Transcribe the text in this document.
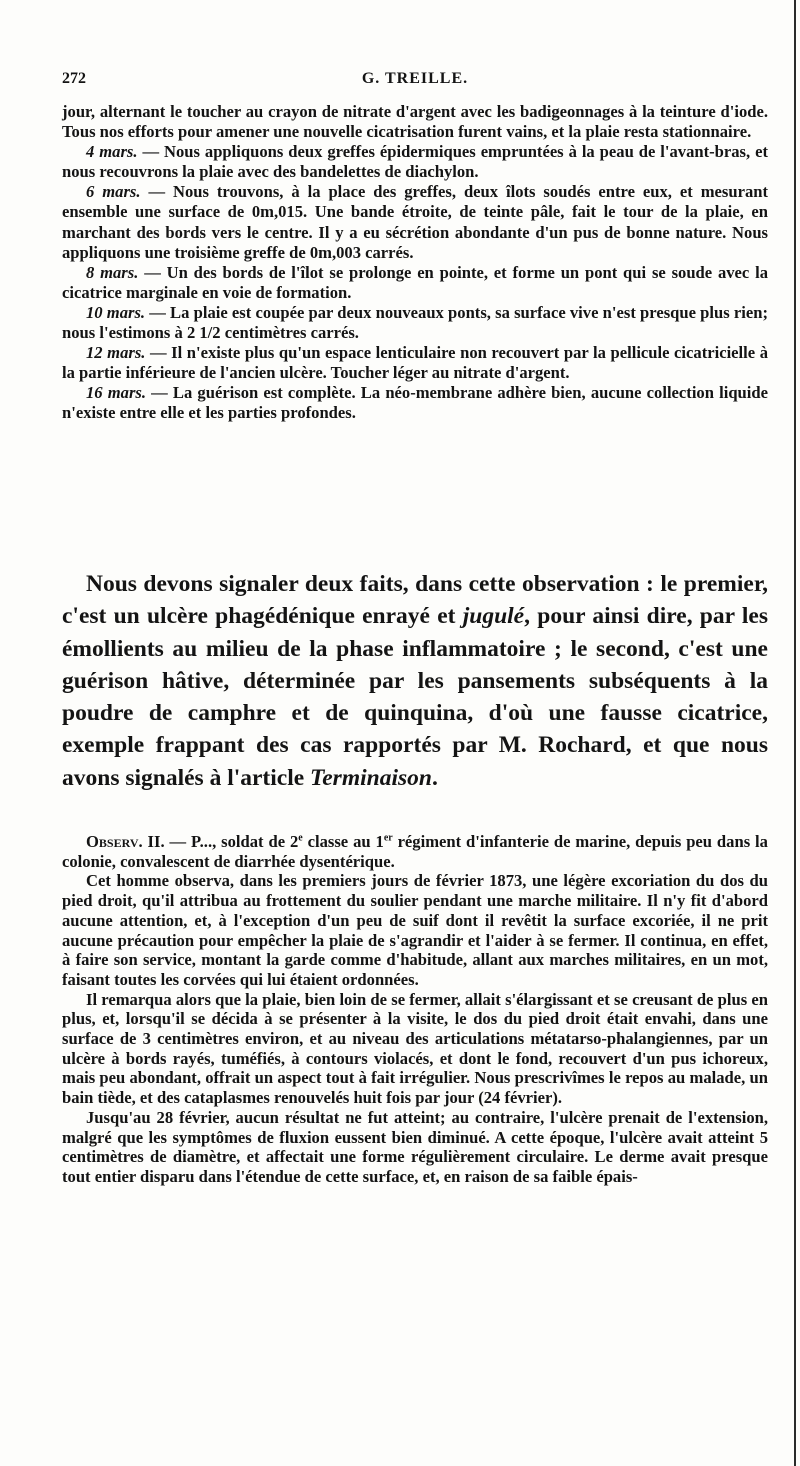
272	G. TREILLE.

jour, alternant le toucher au crayon de nitrate d'argent avec les badigeonnages à la teinture d'iode. Tous nos efforts pour amener une nouvelle cicatrisation furent vains, et la plaie resta stationnaire.

4 mars. — Nous appliquons deux greffes épidermiques empruntées à la peau de l'avant-bras, et nous recouvrons la plaie avec des bandelettes de diachylon.

6 mars. — Nous trouvons, à la place des greffes, deux îlots soudés entre eux, et mesurant ensemble une surface de 0m,015. Une bande étroite, de teinte pâle, fait le tour de la plaie, en marchant des bords vers le centre. Il y a eu sécrétion abondante d'un pus de bonne nature. Nous appliquons une troisième greffe de 0m,003 carrés.

8 mars. — Un des bords de l'îlot se prolonge en pointe, et forme un pont qui se soude avec la cicatrice marginale en voie de formation.

10 mars. — La plaie est coupée par deux nouveaux ponts, sa surface vive n'est presque plus rien; nous l'estimons à 2 1/2 centimètres carrés.

12 mars. — Il n'existe plus qu'un espace lenticulaire non recouvert par la pellicule cicatricielle à la partie inférieure de l'ancien ulcère. Toucher léger au nitrate d'argent.

16 mars. — La guérison est complète. La néo-membrane adhère bien, aucune collection liquide n'existe entre elle et les parties profondes.

Nous devons signaler deux faits, dans cette observation : le premier, c'est un ulcère phagédénique enrayé et jugulé, pour ainsi dire, par les émollients au milieu de la phase inflammatoire ; le second, c'est une guérison hâtive, déterminée par les pansements subséquents à la poudre de camphre et de quinquina, d'où une fausse cicatrice, exemple frappant des cas rapportés par M. Rochard, et que nous avons signalés à l'article Terminaison.

Observ. II. — P..., soldat de 2e classe au 1er régiment d'infanterie de marine, depuis peu dans la colonie, convalescent de diarrhée dysentérique.

Cet homme observa, dans les premiers jours de février 1873, une légère excoriation du dos du pied droit, qu'il attribua au frottement du soulier pendant une marche militaire. Il n'y fit d'abord aucune attention, et, à l'exception d'un peu de suif dont il revêtit la surface excoriée, il ne prit aucune précaution pour empêcher la plaie de s'agrandir et l'aider à se fermer. Il continua, en effet, à faire son service, montant la garde comme d'habitude, allant aux marches militaires, en un mot, faisant toutes les corvées qui lui étaient ordonnées.

Il remarqua alors que la plaie, bien loin de se fermer, allait s'élargissant et se creusant de plus en plus, et, lorsqu'il se décida à se présenter à la visite, le dos du pied droit était envahi, dans une surface de 3 centimètres environ, et au niveau des articulations métatarso-phalangiennes, par un ulcère à bords rayés, tuméfiés, à contours violacés, et dont le fond, recouvert d'un pus ichoreux, mais peu abondant, offrait un aspect tout à fait irrégulier. Nous prescrivîmes le repos au malade, un bain tiède, et des cataplasmes renouvelés huit fois par jour (24 février).

Jusqu'au 28 février, aucun résultat ne fut atteint; au contraire, l'ulcère prenait de l'extension, malgré que les symptômes de fluxion eussent bien diminué. A cette époque, l'ulcère avait atteint 5 centimètres de diamètre, et affectait une forme régulièrement circulaire. Le derme avait presque tout entier disparu dans l'étendue de cette surface, et, en raison de sa faible épais-
